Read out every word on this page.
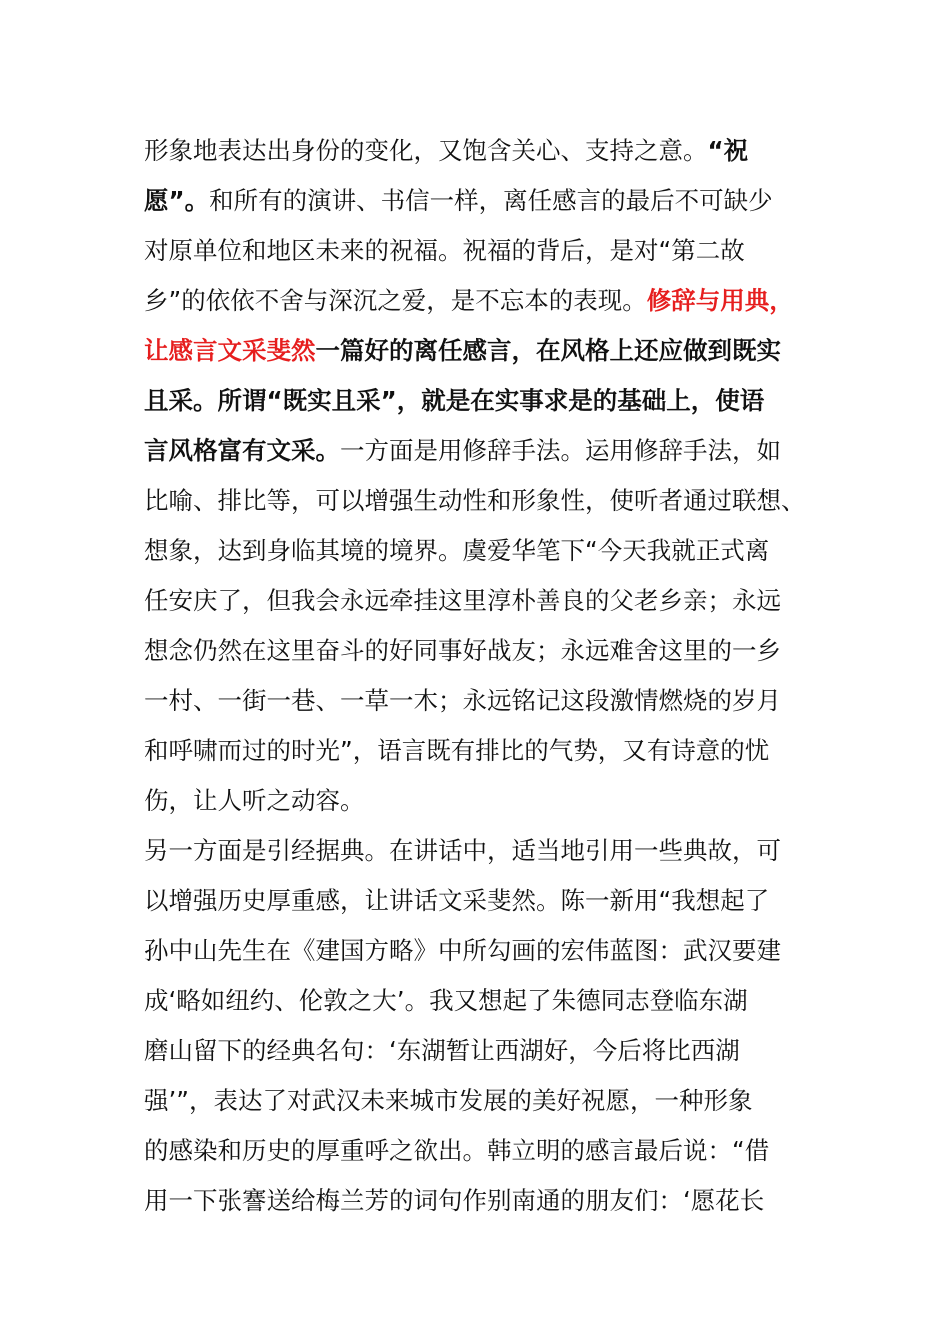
形象地表达出身份的变化，又饱含关心、支持之意。“祝
愿”。和所有的演讲、书信一样，离任感言的最后不可缺少
对原单位和地区未来的祝福。祝福的背后，是对“第二故
乡”的依依不舍与深沉之爱，是不忘本的表现。修辞与用典，
让感言文采斐然一篇好的离任感言，在风格上还应做到既实
且采。所谓“既实且采”，就是在实事求是的基础上，使语
言风格富有文采。一方面是用修辞手法。运用修辞手法，如
比喻、排比等，可以增强生动性和形象性，使听者通过联想、
想象，达到身临其境的境界。虞爱华笔下“今天我就正式离
任安庆了，但我会永远牵挂这里淳朴善良的父老乡亲；永远
想念仍然在这里奋斗的好同事好战友；永远难舍这里的一乡
一村、一街一巷、一草一木；永远铭记这段激情燃烧的岁月
和呼啸而过的时光”，语言既有排比的气势，又有诗意的忧
伤，让人听之动容。
另一方面是引经据典。在讲话中，适当地引用一些典故，可
以增强历史厚重感，让讲话文采斐然。陈一新用“我想起了
孙中山先生在《建国方略》中所勾画的宏伟蓝图：武汉要建
成‘略如纽约、伦敦之大’。我又想起了朱德同志登临东湖
磨山留下的经典名句：‘东湖暂让西湖好，今后将比西湖
强’”，表达了对武汉未来城市发展的美好祝愿，一种形象
的感染和历史的厚重呼之欲出。韩立明的感言最后说：“借
用一下张謇送给梅兰芳的词句作别南通的朋友们：‘愿花长
